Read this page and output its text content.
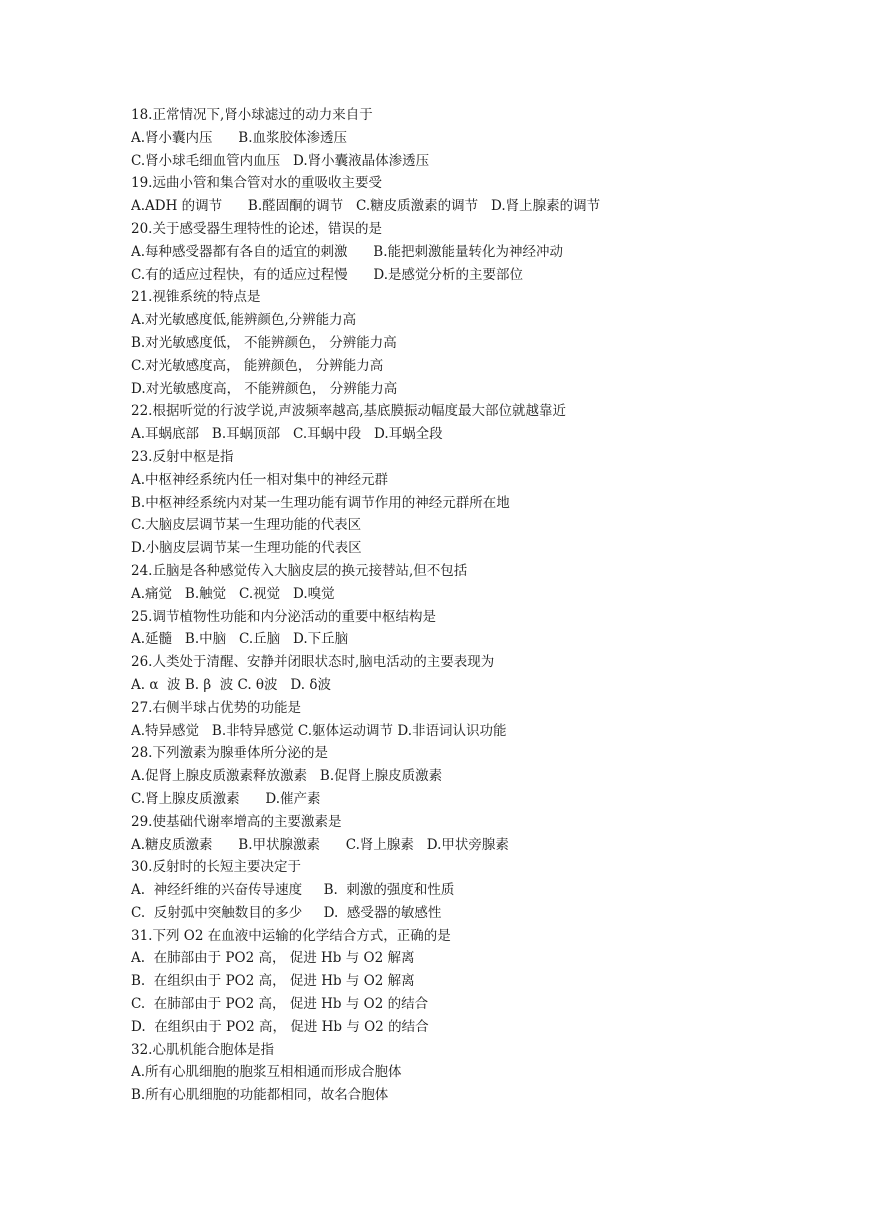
18.正常情况下,肾小球滤过的动力来自于
A.肾小囊内压      B.血浆胶体渗透压
C.肾小球毛细血管内血压   D.肾小囊液晶体渗透压
19.远曲小管和集合管对水的重吸收主要受
A.ADH 的调节      B.醛固酮的调节   C.糖皮质激素的调节   D.肾上腺素的调节
20.关于感受器生理特性的论述，错误的是
A.每种感受器都有各自的适宜的刺激      B.能把刺激能量转化为神经冲动
C.有的适应过程快，有的适应过程慢      D.是感觉分析的主要部位
21.视锥系统的特点是
A.对光敏感度低,能辨颜色,分辨能力高
B.对光敏感度低， 不能辨颜色， 分辨能力高
C.对光敏感度高， 能辨颜色， 分辨能力高
D.对光敏感度高， 不能辨颜色， 分辨能力高
22.根据听觉的行波学说,声波频率越高,基底膜振动幅度最大部位就越靠近
A.耳蜗底部   B.耳蜗顶部   C.耳蜗中段   D.耳蜗全段
23.反射中枢是指
A.中枢神经系统内任一相对集中的神经元群
B.中枢神经系统内对某一生理功能有调节作用的神经元群所在地
C.大脑皮层调节某一生理功能的代表区
D.小脑皮层调节某一生理功能的代表区
24.丘脑是各种感觉传入大脑皮层的换元接替站,但不包括
A.痛觉   B.触觉   C.视觉   D.嗅觉
25.调节植物性功能和内分泌活动的重要中枢结构是
A.延髓   B.中脑   C.丘脑   D.下丘脑
26.人类处于清醒、安静并闭眼状态时,脑电活动的主要表现为
A. α  波 B. β  波 C. θ波   D. δ波
27.右侧半球占优势的功能是
A.特异感觉   B.非特异感觉 C.躯体运动调节 D.非语词认识功能
28.下列激素为腺垂体所分泌的是
A.促肾上腺皮质激素释放激素   B.促肾上腺皮质激素
C.肾上腺皮质激素      D.催产素
29.使基础代谢率增高的主要激素是
A.糖皮质激素      B.甲状腺激素      C.肾上腺素   D.甲状旁腺素
30.反射时的长短主要决定于
A.  神经纤维的兴奋传导速度     B.  刺激的强度和性质
C.  反射弧中突触数目的多少     D.  感受器的敏感性
31.下列 O2 在血液中运输的化学结合方式，正确的是
A.  在肺部由于 PO2 高， 促进 Hb 与 O2 解离
B.  在组织由于 PO2 高， 促进 Hb 与 O2 解离
C.  在肺部由于 PO2 高， 促进 Hb 与 O2 的结合
D.  在组织由于 PO2 高， 促进 Hb 与 O2 的结合
32.心肌机能合胞体是指
A.所有心肌细胞的胞浆互相相通而形成合胞体
B.所有心肌细胞的功能都相同，故名合胞体
